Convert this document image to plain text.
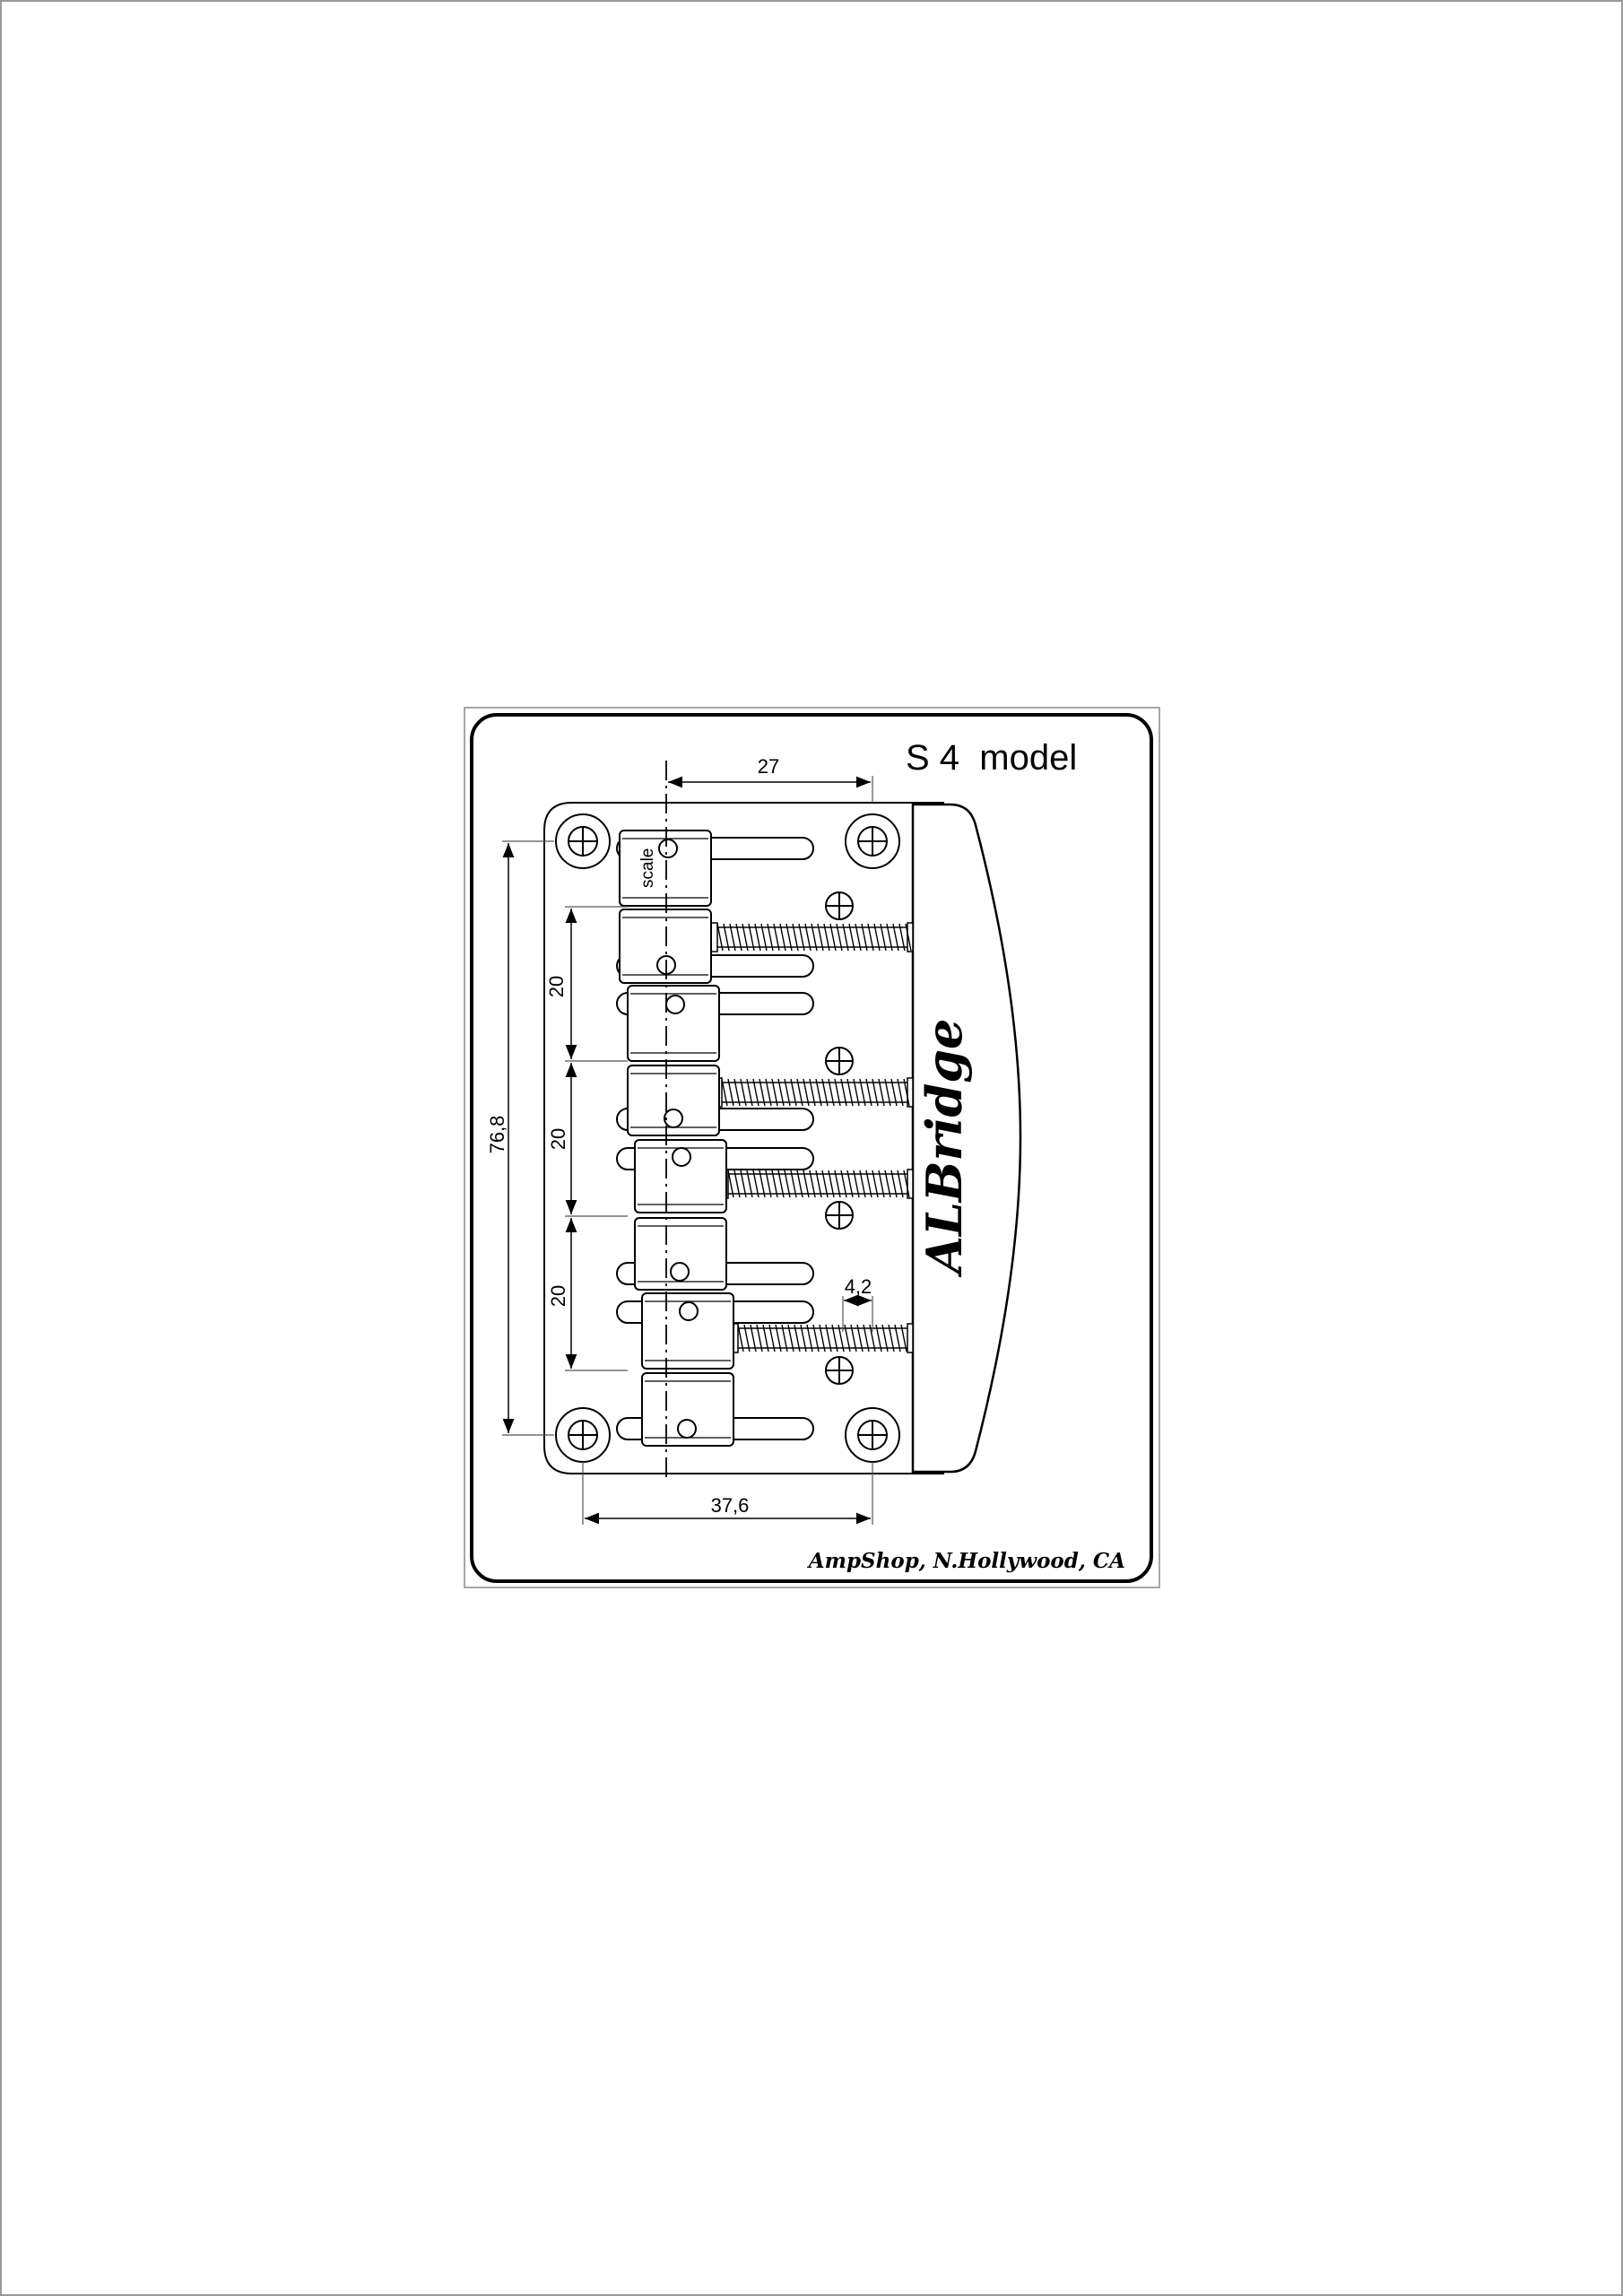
S 4  model
ALBridge
scale
27
37,6
76,8
20
20
20	4,2
AmpShop, N.Hollywood, CA
